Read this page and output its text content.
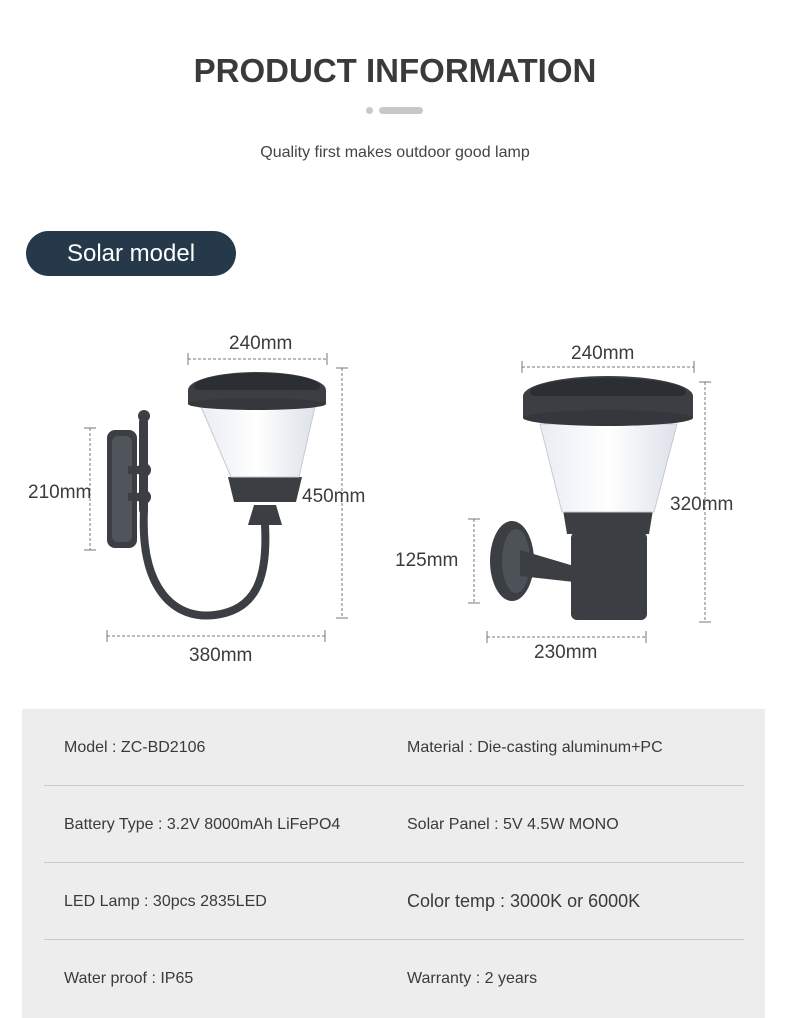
PRODUCT INFORMATION
Quality first makes outdoor good lamp
Solar model
240mm
450mm
210mm
380mm
240mm
320mm
125mm
230mm
Model : ZC-BD2106	Material : Die-casting aluminum+PC
Battery Type : 3.2V 8000mAh LiFePO4	Solar Panel : 5V 4.5W MONO
LED Lamp : 30pcs 2835LED	Color temp : 3000K or 6000K
Water proof : IP65	Warranty : 2 years
